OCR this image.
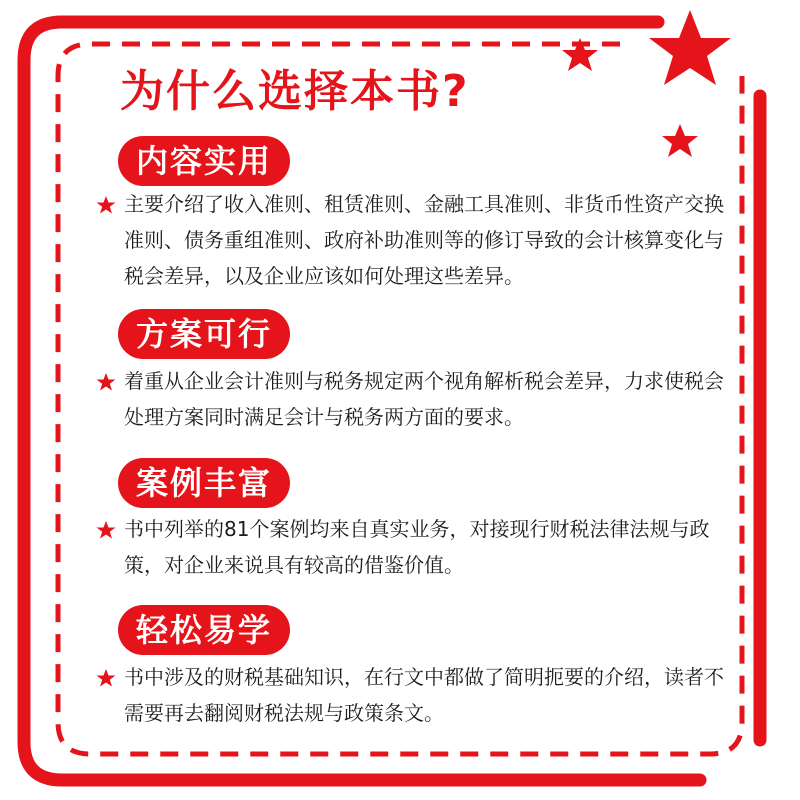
为什么选择本书?
内容实用
主要介绍了收入准则、租赁准则、金融工具准则、非货币性资产交换准则、债务重组准则、政府补助准则等的修订导致的会计核算变化与税会差异，以及企业应该如何处理这些差异。
方案可行
着重从企业会计准则与税务规定两个视角解析税会差异，力求使税会处理方案同时满足会计与税务两方面的要求。
案例丰富
书中列举的81个案例均来自真实业务，对接现行财税法律法规与政策，对企业来说具有较高的借鉴价值。
轻松易学
书中涉及的财税基础知识，在行文中都做了简明扼要的介绍，读者不需要再去翻阅财税法规与政策条文。
